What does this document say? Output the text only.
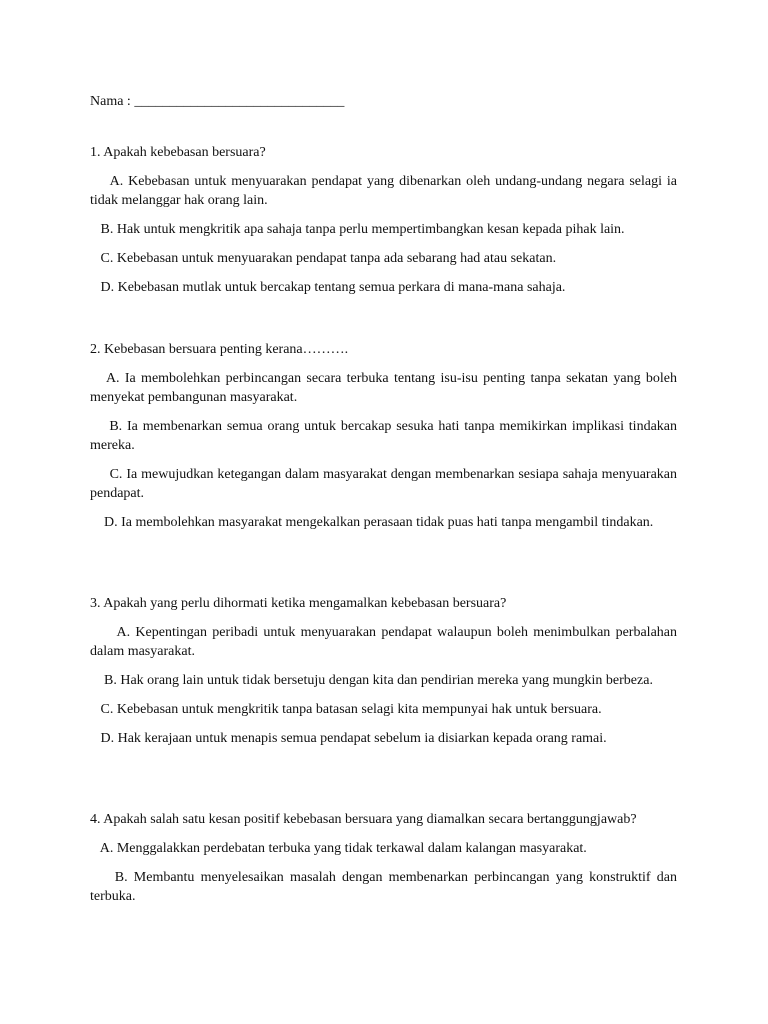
Nama : ______________________________
1. Apakah kebebasan bersuara?
A. Kebebasan untuk menyuarakan pendapat yang dibenarkan oleh undang-undang negara selagi ia tidak melanggar hak orang lain.
B. Hak untuk mengkritik apa sahaja tanpa perlu mempertimbangkan kesan kepada pihak lain.
C. Kebebasan untuk menyuarakan pendapat tanpa ada sebarang had atau sekatan.
D. Kebebasan mutlak untuk bercakap tentang semua perkara di mana-mana sahaja.
2. Kebebasan bersuara penting kerana……….
A. Ia membolehkan perbincangan secara terbuka tentang isu-isu penting tanpa sekatan yang boleh menyekat pembangunan masyarakat.
B. Ia membenarkan semua orang untuk bercakap sesuka hati tanpa memikirkan implikasi tindakan mereka.
C. Ia mewujudkan ketegangan dalam masyarakat dengan membenarkan sesiapa sahaja menyuarakan pendapat.
D. Ia membolehkan masyarakat mengekalkan perasaan tidak puas hati tanpa mengambil tindakan.
3. Apakah yang perlu dihormati ketika mengamalkan kebebasan bersuara?
A. Kepentingan peribadi untuk menyuarakan pendapat walaupun boleh menimbulkan perbalahan dalam masyarakat.
B. Hak orang lain untuk tidak bersetuju dengan kita dan pendirian mereka yang mungkin berbeza.
C. Kebebasan untuk mengkritik tanpa batasan selagi kita mempunyai hak untuk bersuara.
D. Hak kerajaan untuk menapis semua pendapat sebelum ia disiarkan kepada orang ramai.
4. Apakah salah satu kesan positif kebebasan bersuara yang diamalkan secara bertanggungjawab?
A. Menggalakkan perdebatan terbuka yang tidak terkawal dalam kalangan masyarakat.
B. Membantu menyelesaikan masalah dengan membenarkan perbincangan yang konstruktif dan terbuka.
